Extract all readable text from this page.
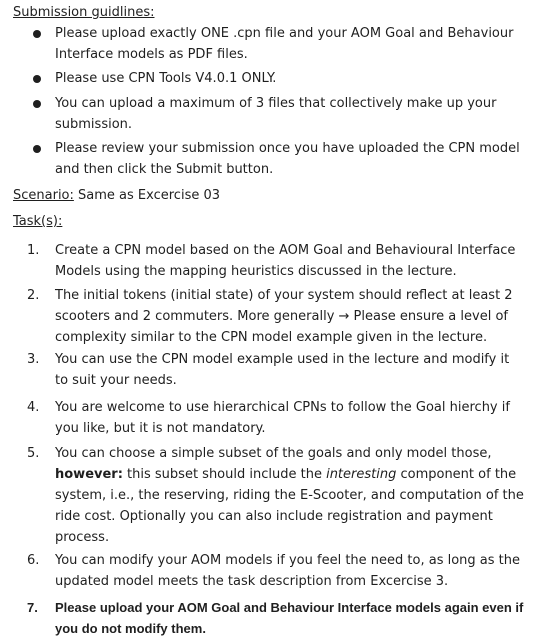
Submission guidlines:
Please upload exactly ONE .cpn file and your AOM Goal and Behaviour Interface models as PDF files.
Please use CPN Tools V4.0.1 ONLY.
You can upload a maximum of 3 files that collectively make up your submission.
Please review your submission once you have uploaded the CPN model and then click the Submit button.
Scenario: Same as Excercise 03
Task(s):
1.	Create a CPN model based on the AOM Goal and Behavioural Interface Models using the mapping heuristics discussed in the lecture.
2.	The initial tokens (initial state) of your system should reflect at least 2 scooters and 2 commuters. More generally → Please ensure a level of complexity similar to the CPN model example given in the lecture.
3.	You can use the CPN model example used in the lecture and modify it to suit your needs.
4.	You are welcome to use hierarchical CPNs to follow the Goal hierchy if you like, but it is not mandatory.
5.	You can choose a simple subset of the goals and only model those, however: this subset should include the interesting component of the system, i.e., the reserving, riding the E-Scooter, and computation of the ride cost. Optionally you can also include registration and payment process.
6.	You can modify your AOM models if you feel the need to, as long as the updated model meets the task description from Excercise 3.
7.	Please upload your AOM Goal and Behaviour Interface models again even if you do not modify them.
